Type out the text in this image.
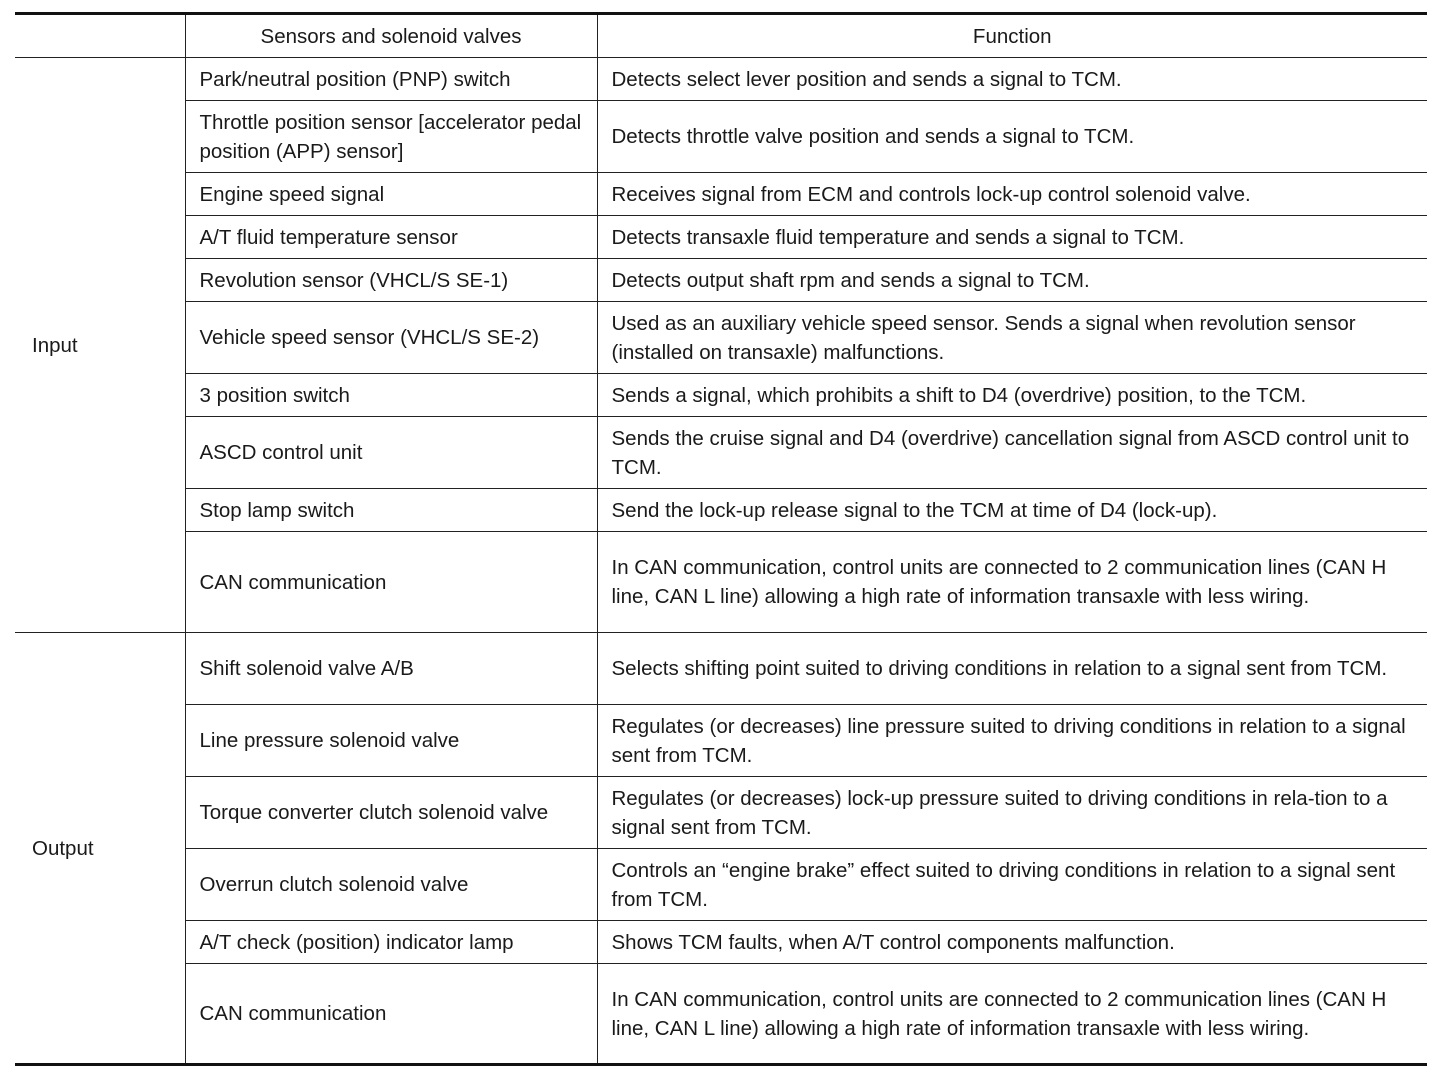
	Sensors and solenoid valves	Function
Input	Park/neutral position (PNP) switch	Detects select lever position and sends a signal to TCM.
	Throttle position sensor [accelerator pedal position (APP) sensor]	Detects throttle valve position and sends a signal to TCM.
	Engine speed signal	Receives signal from ECM and controls lock-up control solenoid valve.
	A/T fluid temperature sensor	Detects transaxle fluid temperature and sends a signal to TCM.
	Revolution sensor (VHCL/S SE-1)	Detects output shaft rpm and sends a signal to TCM.
	Vehicle speed sensor (VHCL/S SE-2)	Used as an auxiliary vehicle speed sensor. Sends a signal when revolution sensor (installed on transaxle) malfunctions.
	3 position switch	Sends a signal, which prohibits a shift to D4 (overdrive) position, to the TCM.
	ASCD control unit	Sends the cruise signal and D4 (overdrive) cancellation signal from ASCD control unit to TCM.
	Stop lamp switch	Send the lock-up release signal to the TCM at time of D4 (lock-up).
	CAN communication	In CAN communication, control units are connected to 2 communication lines (CAN H line, CAN L line) allowing a high rate of information transaxle with less wiring.
Output	Shift solenoid valve A/B	Selects shifting point suited to driving conditions in relation to a signal sent from TCM.
	Line pressure solenoid valve	Regulates (or decreases) line pressure suited to driving conditions in relation to a signal sent from TCM.
	Torque converter clutch solenoid valve	Regulates (or decreases) lock-up pressure suited to driving conditions in rela-tion to a signal sent from TCM.
	Overrun clutch solenoid valve	Controls an “engine brake” effect suited to driving conditions in relation to a signal sent from TCM.
	A/T check (position) indicator lamp	Shows TCM faults, when A/T control components malfunction.
	CAN communication	In CAN communication, control units are connected to 2 communication lines (CAN H line, CAN L line) allowing a high rate of information transaxle with less wiring.
